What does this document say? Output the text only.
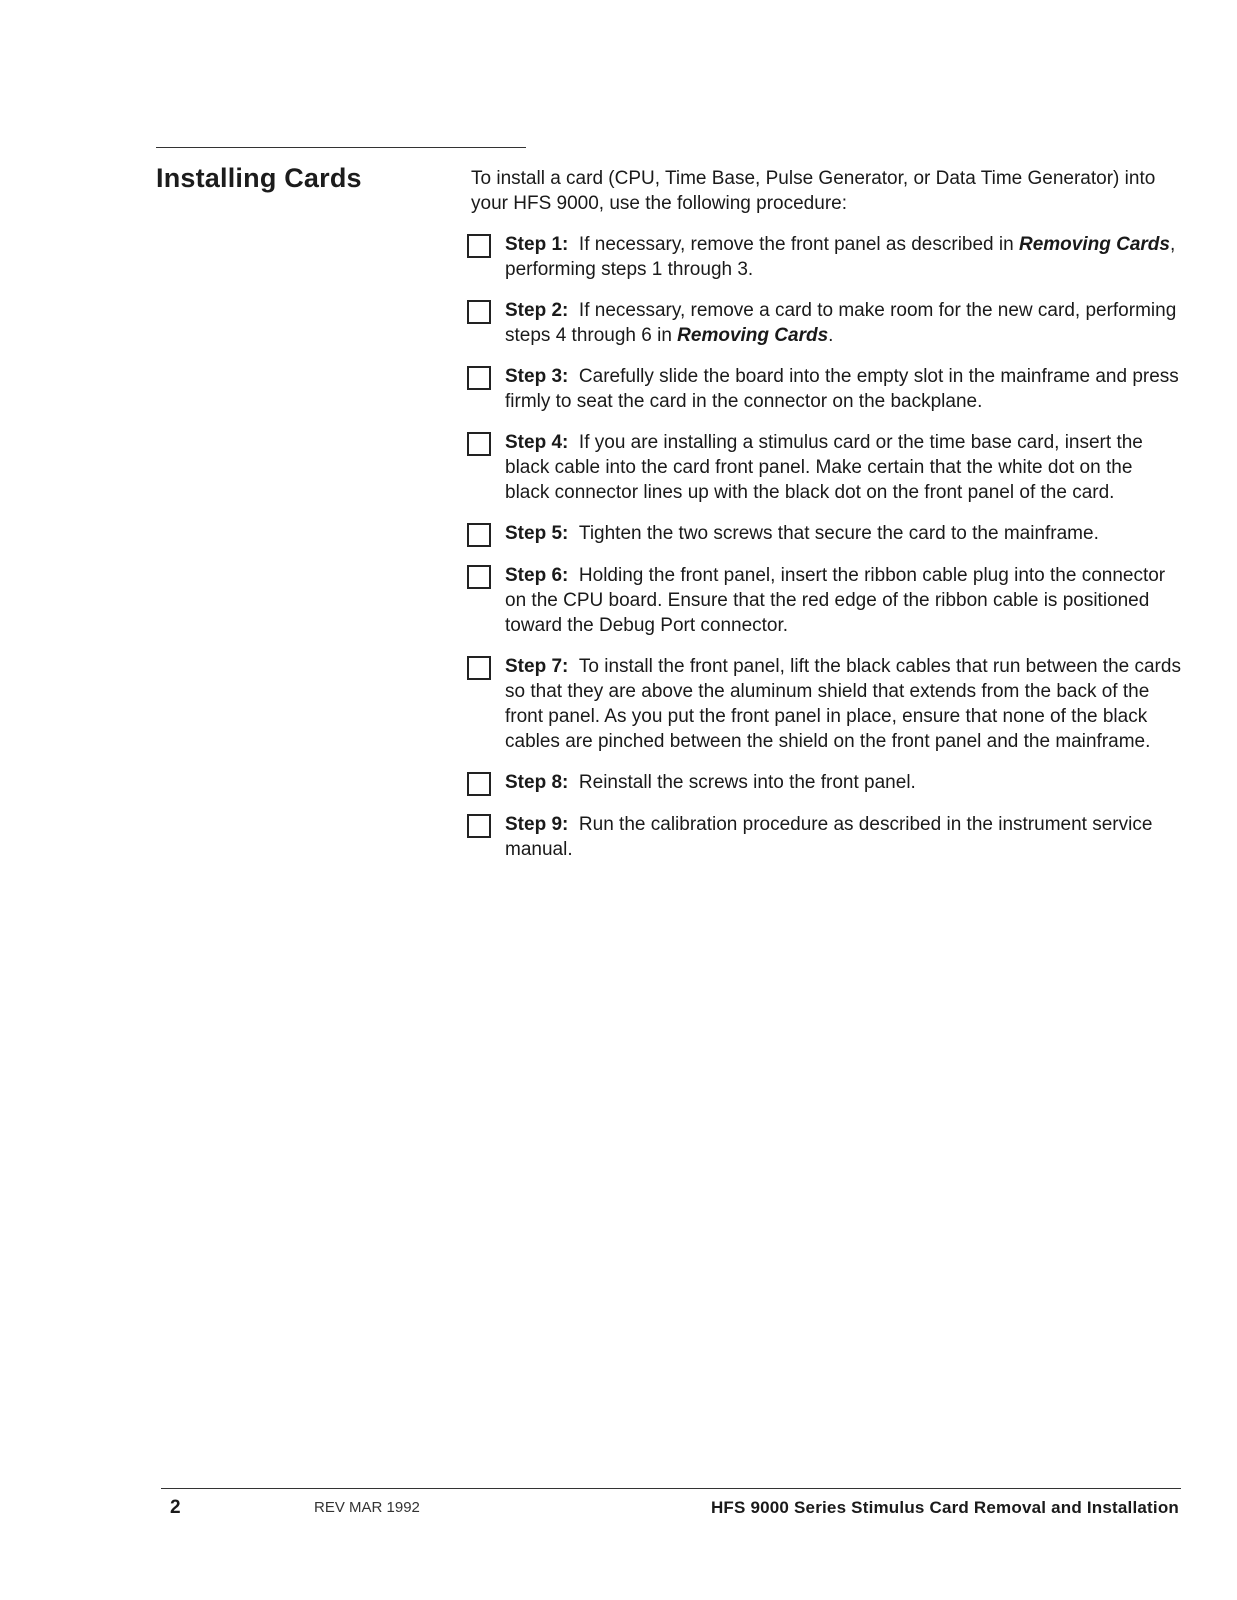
Installing Cards	To install a card (CPU, Time Base, Pulse Generator, or Data Time Generator) into your HFS 9000, use the following procedure:

Step 1: If necessary, remove the front panel as described in Removing Cards, performing steps 1 through 3.
Step 2: If necessary, remove a card to make room for the new card, performing steps 4 through 6 in Removing Cards.
Step 3: Carefully slide the board into the empty slot in the mainframe and press firmly to seat the card in the connector on the backplane.
Step 4: If you are installing a stimulus card or the time base card, insert the black cable into the card front panel. Make certain that the white dot on the black connector lines up with the black dot on the front panel of the card.
Step 5: Tighten the two screws that secure the card to the mainframe.
Step 6: Holding the front panel, insert the ribbon cable plug into the connector on the CPU board. Ensure that the red edge of the ribbon cable is positioned toward the Debug Port connector.
Step 7: To install the front panel, lift the black cables that run between the cards so that they are above the aluminum shield that extends from the back of the front panel. As you put the front panel in place, ensure that none of the black cables are pinched between the shield on the front panel and the mainframe.
Step 8: Reinstall the screws into the front panel.
Step 9: Run the calibration procedure as described in the instrument service manual.
2	REV MAR 1992	HFS 9000 Series Stimulus Card Removal and Installation
